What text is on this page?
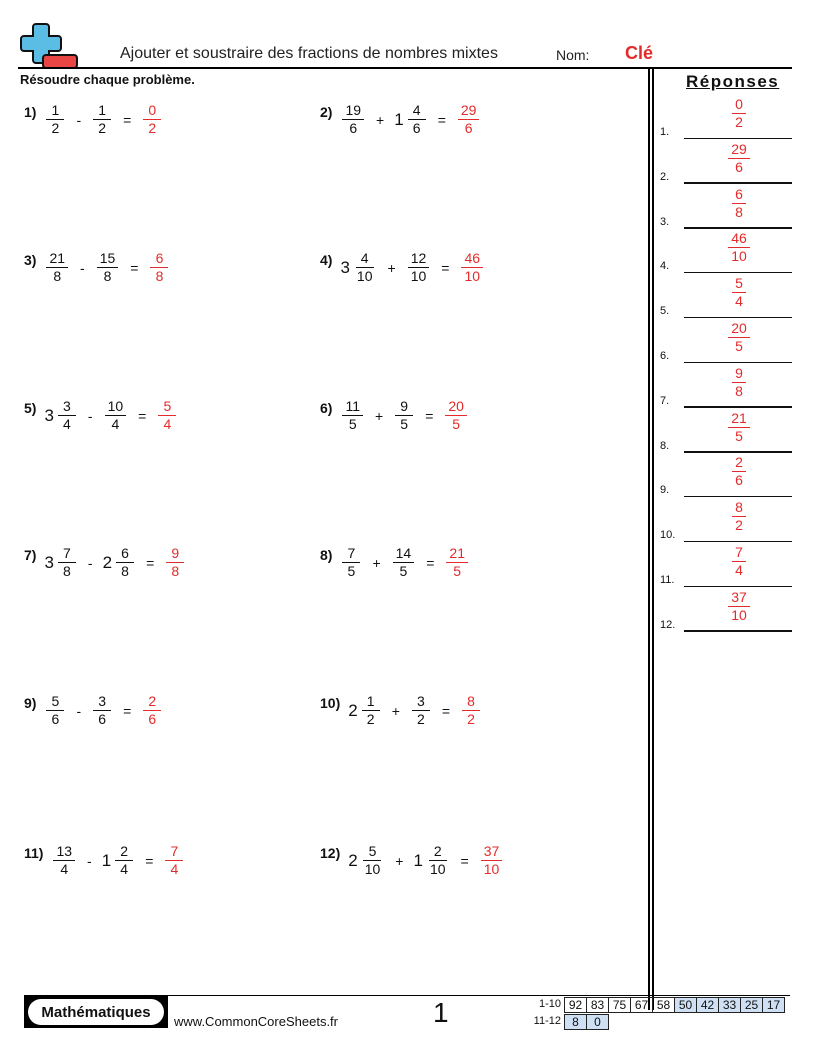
Ajouter et soustraire des fractions de nombres mixtes	Nom: Clé
Résoudre chaque problème.	Réponses
$1) \frac{1}{2} - \frac{1}{2} = \frac{0}{2}$	$2) \frac{19}{6} + 1 \frac{4}{6} = \frac{29}{6}$
$3) \frac{21}{8} - \frac{15}{8} = \frac{6}{8}$	4) $3 \frac{4}{10} + \frac{12}{10} = \frac{46}{10}$
5) $3 \frac{3}{4} - \frac{10}{4} = \frac{5}{4}$	$6) \frac{11}{5} + \frac{9}{5} = \frac{20}{5}$
7) $3 \frac{7}{8} - 2 \frac{6}{8} = \frac{9}{8}$	$8) \frac{7}{5} + \frac{14}{5} = \frac{21}{5}$
$9) \frac{5}{6} - \frac{3}{6} = \frac{2}{6}$	10) $2 \frac{1}{2} + \frac{3}{2} = \frac{8}{2}$
$11) \frac{13}{4} - 1 \frac{2}{4} = \frac{7}{4}$	12) $2 \frac{5}{10} + 1 \frac{2}{10} = \frac{37}{10}$
1.
$\frac{0}{2}$
2.
$\frac{29}{6}$
3.
$\frac{6}{8}$
4.
$\frac{46}{10}$
5.
$\frac{5}{4}$
6.
$\frac{20}{5}$
7.
$\frac{9}{8}$
8.
$\frac{21}{5}$
9.
$\frac{2}{6}$
10.
$\frac{8}{2}$
11.
$\frac{7}{4}$
12.
$\frac{37}{10}$
Mathématiques
www.CommonCoreSheets.fr	1	1-10 92 83 75 67 58 50 42 33 25 17
11-12 8	0
